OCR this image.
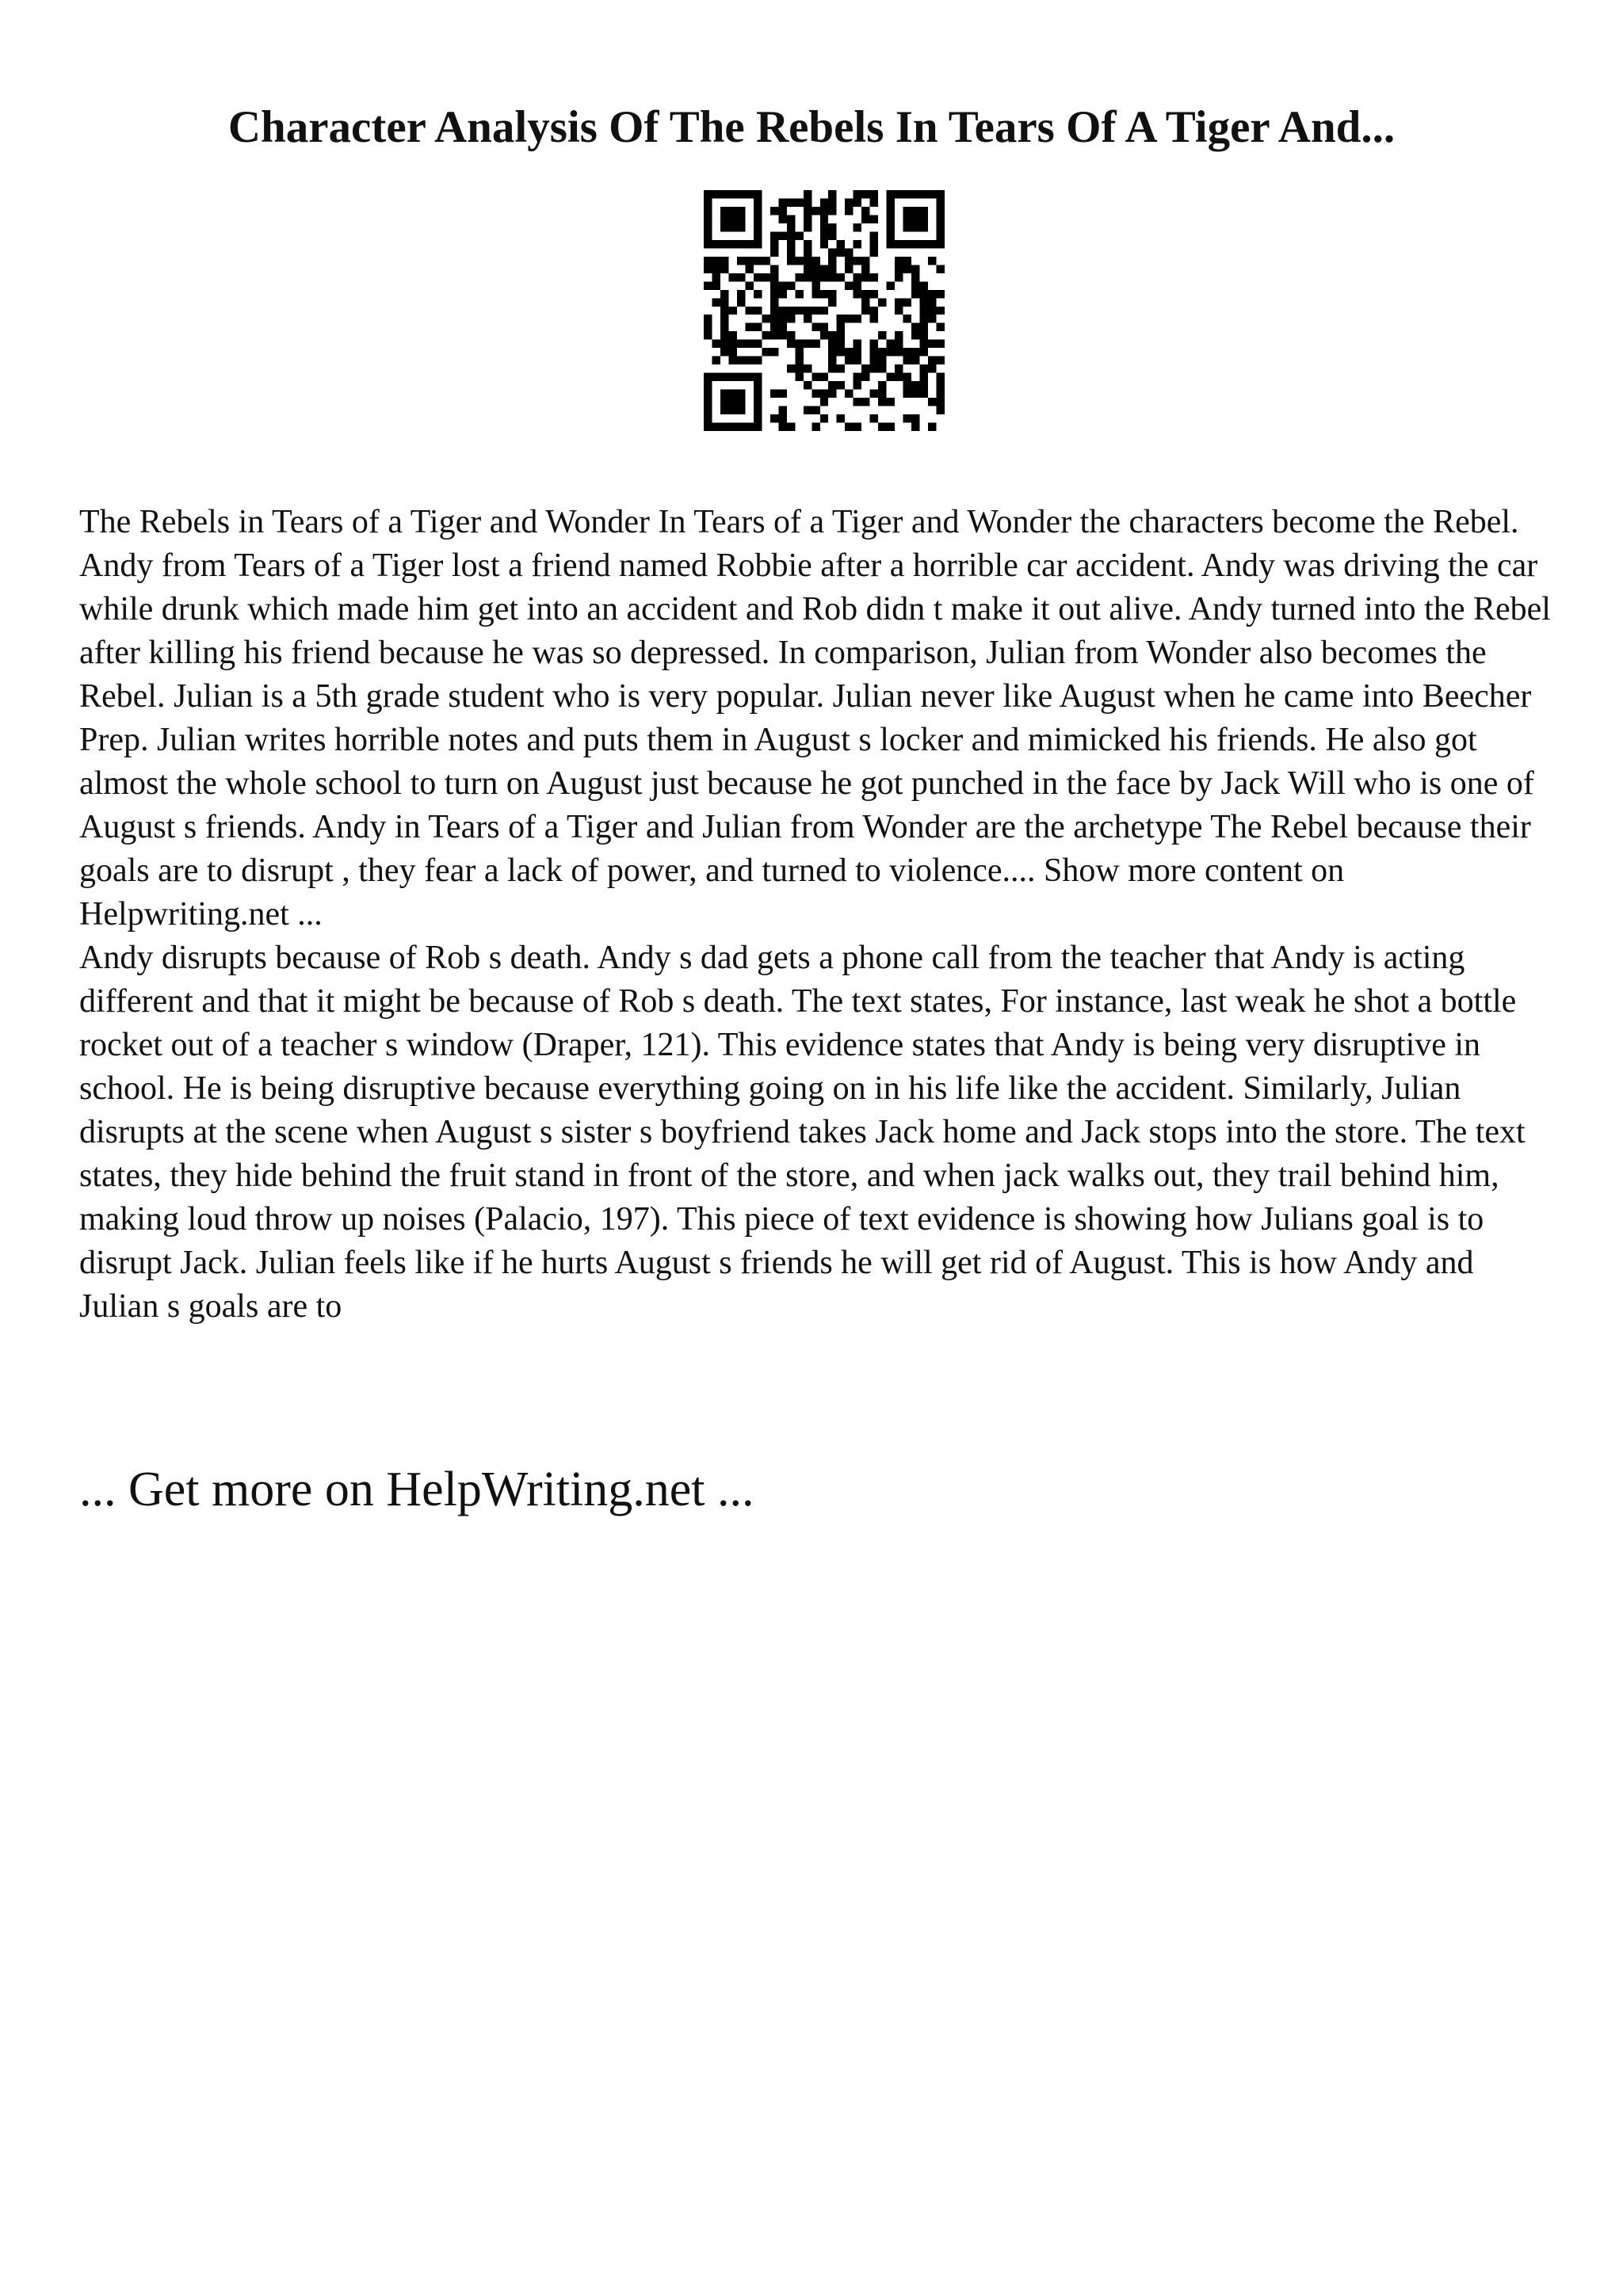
Character Analysis Of The Rebels In Tears Of A Tiger And...

The Rebels in Tears of a Tiger and Wonder In Tears of a Tiger and Wonder the characters become the Rebel. Andy from Tears of a Tiger lost a friend named Robbie after a horrible car accident. Andy was driving the car while drunk which made him get into an accident and Rob didn t make it out alive. Andy turned into the Rebel after killing his friend because he was so depressed. In comparison, Julian from Wonder also becomes the Rebel. Julian is a 5th grade student who is very popular. Julian never like August when he came into Beecher Prep. Julian writes horrible notes and puts them in August s locker and mimicked his friends. He also got almost the whole school to turn on August just because he got punched in the face by Jack Will who is one of August s friends. Andy in Tears of a Tiger and Julian from Wonder are the archetype The Rebel because their goals are to disrupt , they fear a lack of power, and turned to violence.... Show more content on Helpwriting.net ...

Andy disrupts because of Rob s death. Andy s dad gets a phone call from the teacher that Andy is acting different and that it might be because of Rob s death. The text states, For instance, last weak he shot a bottle rocket out of a teacher s window (Draper, 121). This evidence states that Andy is being very disruptive in school. He is being disruptive because everything going on in his life like the accident. Similarly, Julian disrupts at the scene when August s sister s boyfriend takes Jack home and Jack stops into the store. The text states, they hide behind the fruit stand in front of the store, and when jack walks out, they trail behind him, making loud throw up noises (Palacio, 197). This piece of text evidence is showing how Julians goal is to disrupt Jack. Julian feels like if he hurts August s friends he will get rid of August. This is how Andy and Julian s goals are to

... Get more on HelpWriting.net ...
